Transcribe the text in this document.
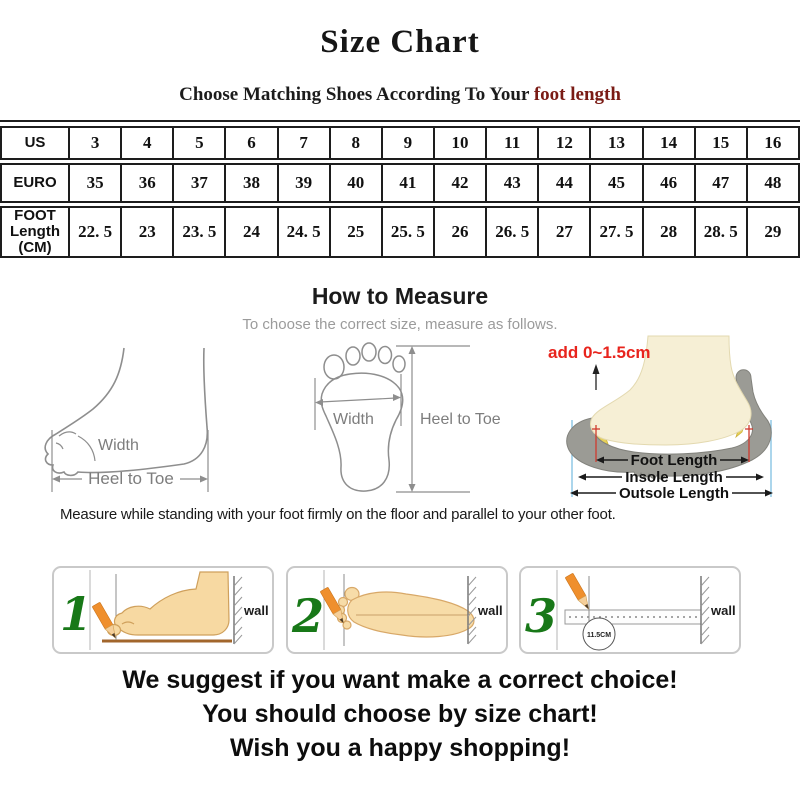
Size Chart
Choose Matching Shoes According To Your foot length
US	3	4	5	6	7	8	9	10	11	12	13	14	15	16
EURO	35	36	37	38	39	40	41	42	43	44	45	46	47	48
FOOT
Length
(CM)
22. 5	23	23. 5	24	24. 5	25	25. 5	26	26. 5	27	27. 5	28	28. 5	29
How to Measure
To choose the correct size, measure as follows.
Width
Heel to Toe
Width	Heel to Toe
add 0~1.5cm
Foot Length
Insole Length
Outsole Length
Measure while standing with your foot firmly on the floor and parallel to your other foot.
1	wall 2	wall 3	11.5CM
wall
We suggest if you want make a correct choice!
You should choose by size chart!
Wish you a happy shopping!
